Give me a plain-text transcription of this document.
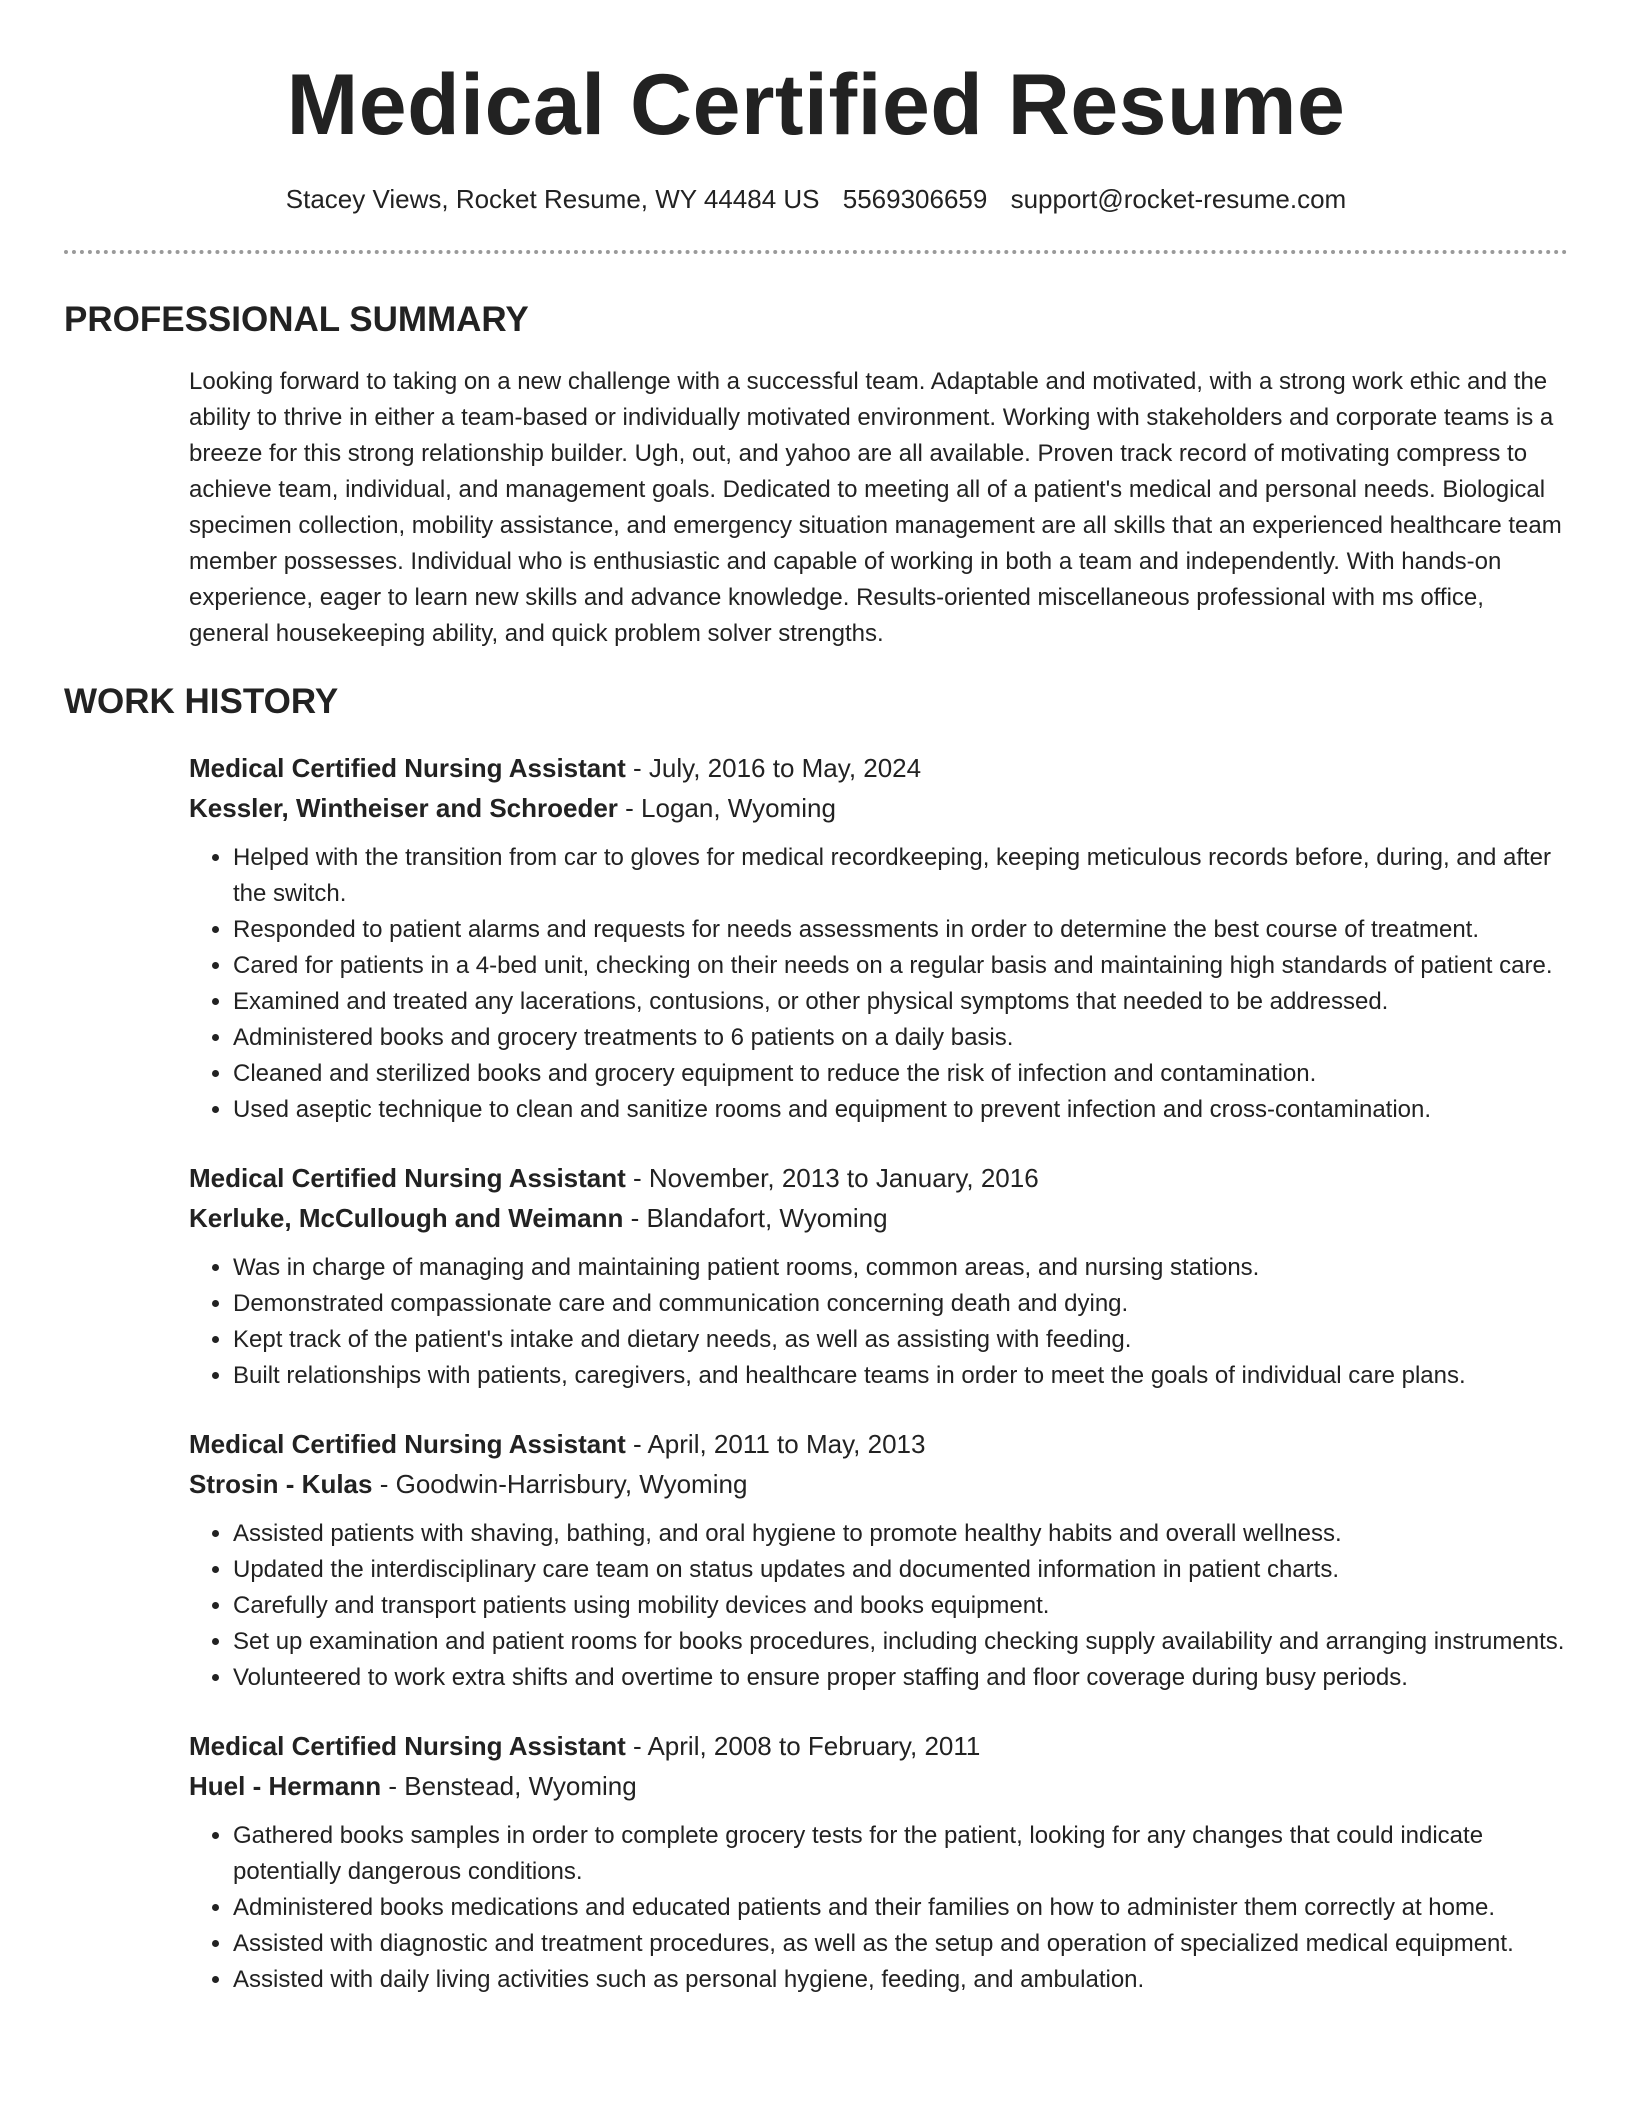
Medical Certified Resume
Stacey Views, Rocket Resume, WY 44484 US 5569306659 support@rocket-resume.com
PROFESSIONAL SUMMARY

Looking forward to taking on a new challenge with a successful team. Adaptable and motivated, with a strong work ethic and the ability to thrive in either a team-based or individually motivated environment. Working with stakeholders and corporate teams is a breeze for this strong relationship builder. Ugh, out, and yahoo are all available. Proven track record of motivating compress to achieve team, individual, and management goals. Dedicated to meeting all of a patient's medical and personal needs. Biological specimen collection, mobility assistance, and emergency situation management are all skills that an experienced healthcare team member possesses. Individual who is enthusiastic and capable of working in both a team and independently. With hands-on experience, eager to learn new skills and advance knowledge. Results-oriented miscellaneous professional with ms office, general housekeeping ability, and quick problem solver strengths.

WORK HISTORY

Medical Certified Nursing Assistant - July, 2016 to May, 2024

Kessler, Wintheiser and Schroeder - Logan, Wyoming

• Helped with the transition from car to gloves for medical recordkeeping, keeping meticulous records before, during, and after the switch.
• Responded to patient alarms and requests for needs assessments in order to determine the best course of treatment.
• Cared for patients in a 4-bed unit, checking on their needs on a regular basis and maintaining high standards of patient care.
• Examined and treated any lacerations, contusions, or other physical symptoms that needed to be addressed.
• Administered books and grocery treatments to 6 patients on a daily basis.
• Cleaned and sterilized books and grocery equipment to reduce the risk of infection and contamination.
• Used aseptic technique to clean and sanitize rooms and equipment to prevent infection and cross-contamination.

Medical Certified Nursing Assistant - November, 2013 to January, 2016

Kerluke, McCullough and Weimann - Blandafort, Wyoming

• Was in charge of managing and maintaining patient rooms, common areas, and nursing stations.
• Demonstrated compassionate care and communication concerning death and dying.
• Kept track of the patient's intake and dietary needs, as well as assisting with feeding.
• Built relationships with patients, caregivers, and healthcare teams in order to meet the goals of individual care plans.

Medical Certified Nursing Assistant - April, 2011 to May, 2013

Strosin - Kulas - Goodwin-Harrisbury, Wyoming

• Assisted patients with shaving, bathing, and oral hygiene to promote healthy habits and overall wellness.
• Updated the interdisciplinary care team on status updates and documented information in patient charts.
• Carefully and transport patients using mobility devices and books equipment.
• Set up examination and patient rooms for books procedures, including checking supply availability and arranging instruments.
• Volunteered to work extra shifts and overtime to ensure proper staffing and floor coverage during busy periods.

Medical Certified Nursing Assistant - April, 2008 to February, 2011

Huel - Hermann - Benstead, Wyoming

• Gathered books samples in order to complete grocery tests for the patient, looking for any changes that could indicate potentially dangerous conditions.
• Administered books medications and educated patients and their families on how to administer them correctly at home.
• Assisted with diagnostic and treatment procedures, as well as the setup and operation of specialized medical equipment.
• Assisted with daily living activities such as personal hygiene, feeding, and ambulation.
